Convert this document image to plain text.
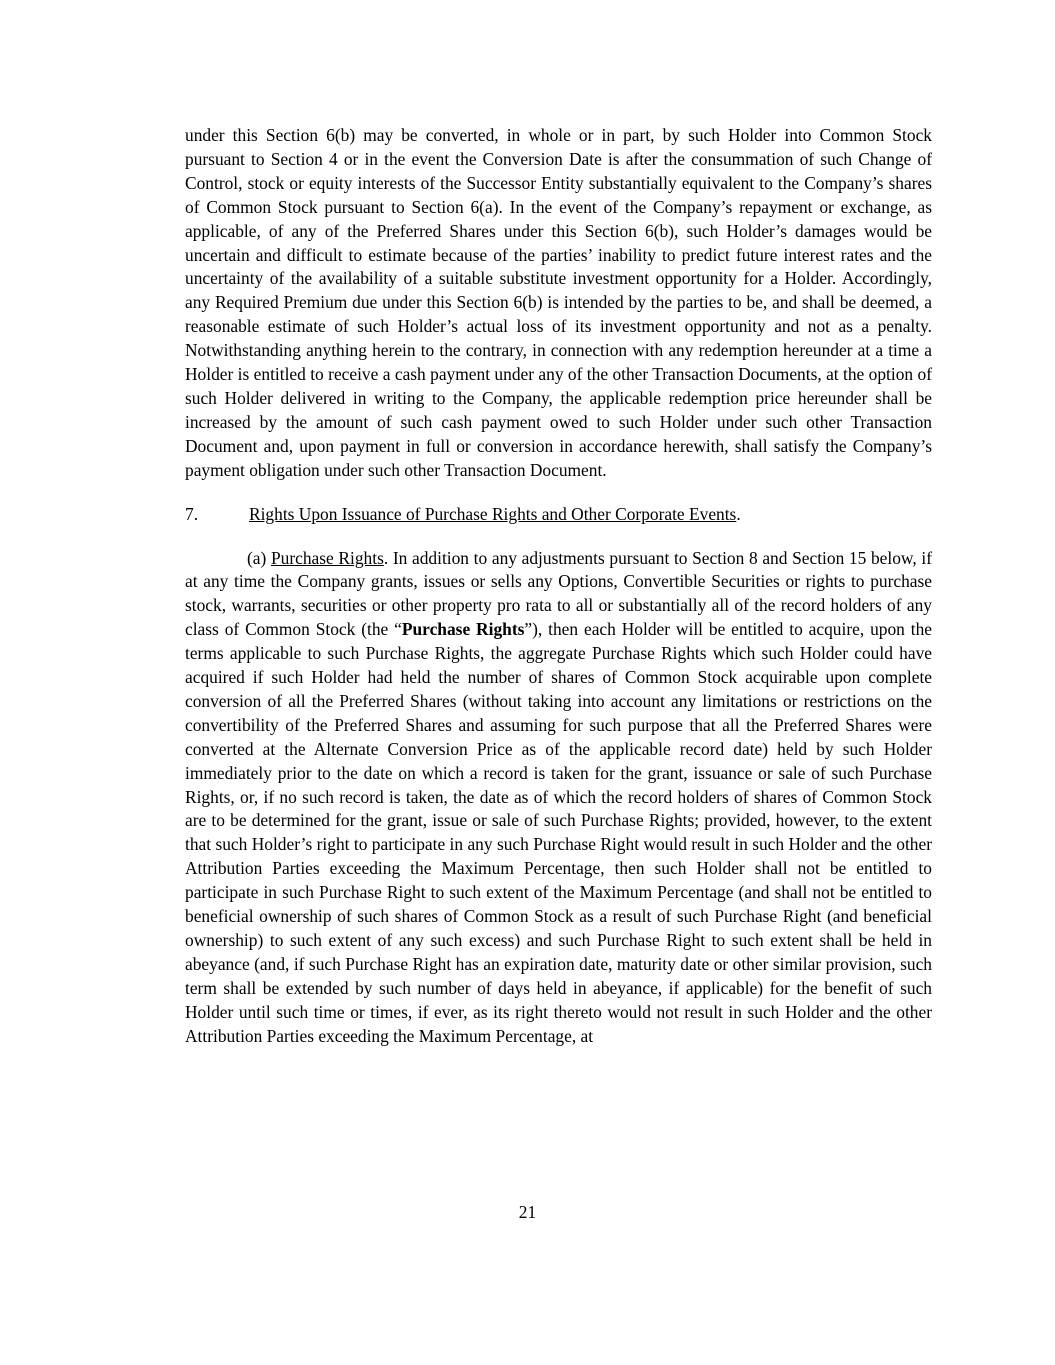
under this Section 6(b) may be converted, in whole or in part, by such Holder into Common Stock pursuant to Section 4 or in the event the Conversion Date is after the consummation of such Change of Control, stock or equity interests of the Successor Entity substantially equivalent to the Company’s shares of Common Stock pursuant to Section 6(a). In the event of the Company’s repayment or exchange, as applicable, of any of the Preferred Shares under this Section 6(b), such Holder’s damages would be uncertain and difficult to estimate because of the parties’ inability to predict future interest rates and the uncertainty of the availability of a suitable substitute investment opportunity for a Holder. Accordingly, any Required Premium due under this Section 6(b) is intended by the parties to be, and shall be deemed, a reasonable estimate of such Holder’s actual loss of its investment opportunity and not as a penalty. Notwithstanding anything herein to the contrary, in connection with any redemption hereunder at a time a Holder is entitled to receive a cash payment under any of the other Transaction Documents, at the option of such Holder delivered in writing to the Company, the applicable redemption price hereunder shall be increased by the amount of such cash payment owed to such Holder under such other Transaction Document and, upon payment in full or conversion in accordance herewith, shall satisfy the Company’s payment obligation under such other Transaction Document.

7.	Rights Upon Issuance of Purchase Rights and Other Corporate Events.

(a) Purchase Rights. In addition to any adjustments pursuant to Section 8 and Section 15 below, if at any time the Company grants, issues or sells any Options, Convertible Securities or rights to purchase stock, warrants, securities or other property pro rata to all or substantially all of the record holders of any class of Common Stock (the “Purchase Rights”), then each Holder will be entitled to acquire, upon the terms applicable to such Purchase Rights, the aggregate Purchase Rights which such Holder could have acquired if such Holder had held the number of shares of Common Stock acquirable upon complete conversion of all the Preferred Shares (without taking into account any limitations or restrictions on the convertibility of the Preferred Shares and assuming for such purpose that all the Preferred Shares were converted at the Alternate Conversion Price as of the applicable record date) held by such Holder immediately prior to the date on which a record is taken for the grant, issuance or sale of such Purchase Rights, or, if no such record is taken, the date as of which the record holders of shares of Common Stock are to be determined for the grant, issue or sale of such Purchase Rights; provided, however, to the extent that such Holder’s right to participate in any such Purchase Right would result in such Holder and the other Attribution Parties exceeding the Maximum Percentage, then such Holder shall not be entitled to participate in such Purchase Right to such extent of the Maximum Percentage (and shall not be entitled to beneficial ownership of such shares of Common Stock as a result of such Purchase Right (and beneficial ownership) to such extent of any such excess) and such Purchase Right to such extent shall be held in abeyance (and, if such Purchase Right has an expiration date, maturity date or other similar provision, such term shall be extended by such number of days held in abeyance, if applicable) for the benefit of such Holder until such time or times, if ever, as its right thereto would not result in such Holder and the other Attribution Parties exceeding the Maximum Percentage, at

21
